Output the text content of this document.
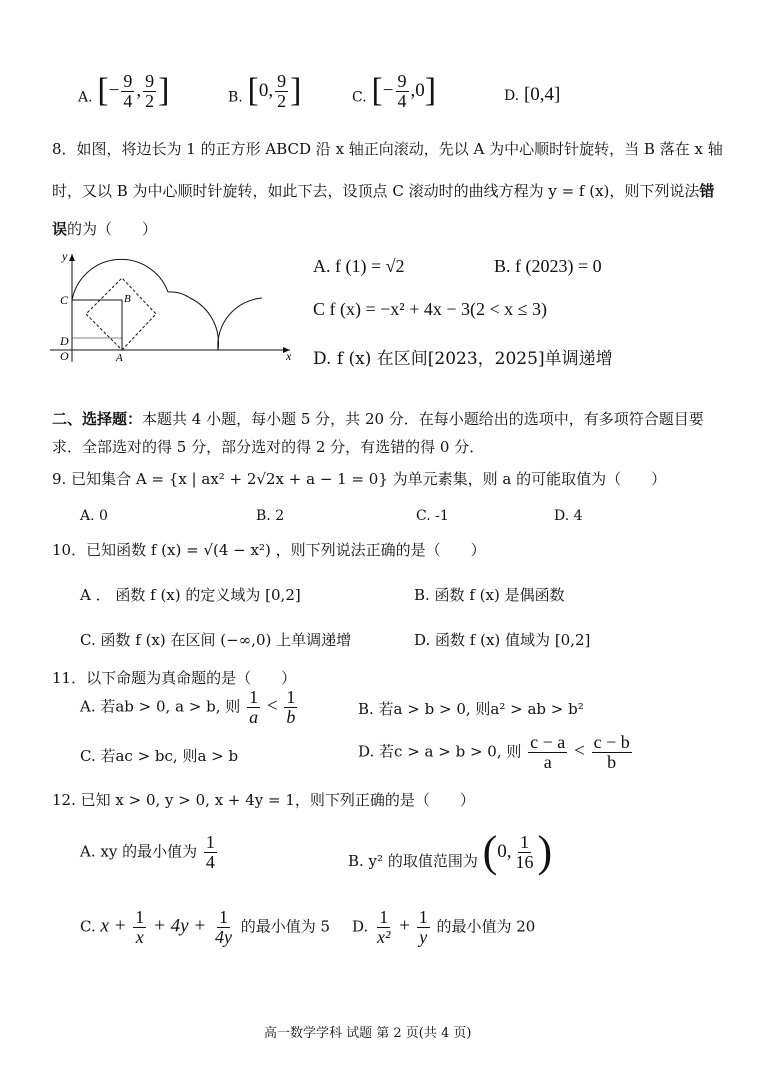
A. [ − $\frac{9}{4}$ , $\frac{9}{2}$ ]	B. [ 0, $\frac{9}{2}$ ]	C. [ − $\frac{9}{4} ,0$ ]	D. [0,4]
8．如图，将边长为 1 的正方形 ABCD 沿 x 轴正向滚动，先以 A 为中心顺时针旋转，当 B 落在 x 轴
时，又以 B 为中心顺时针旋转，如此下去，设顶点 C 滚动时的曲线方程为 y = f (x)，则下列说法错
误的为（　　）
y
x
C	B
D
O	A
A. f (1) = √2	B. f (2023) = 0
C f (x) = −x² + 4x − 3(2 < x ≤ 3)
D. f (x) 在区间[2023，2025]单调递增
二、选择题：本题共 4 小题，每小题 5 分，共 20 分．在每小题给出的选项中，有多项符合题目要
求．全部选对的得 5 分，部分选对的得 2 分，有选错的得 0 分．
9. 已知集合 A = {x | ax² + 2√2x + a − 1 = 0} 为单元素集，则 a 的可能取值为（　　）
A. 0	B. 2	C. -1	D. 4
10．已知函数 f (x) = √(4 − x²) ，则下列说法正确的是（　　）
A ． 函数 f (x) 的定义域为 [0,2]	B. 函数 f (x) 是偶函数
C. 函数 f (x) 在区间 (−∞,0) 上单调递增	D. 函数 f (x) 值域为 [0,2]
11．以下命题为真命题的是（　　）
A. 若ab > 0, a > b, 则 $\frac{1}{a} < \frac{1}{b}$	B. 若a > b > 0, 则a² > ab > b²
C. 若ac > bc, 则a > b	D. 若c > a > b > 0, 则 $\frac{c - a}{a} < \frac{c - b}{b}$
12. 已知 x > 0, y > 0, x + 4y = 1，则下列正确的是（　　）
A. xy 的最小值为 $\frac{1}{4}$	B. y² 的取值范围为 ( 0, $\frac{1}{16}$ )
C. $x + \frac{1}{x} + 4y + \frac{1}{4y}$ 的最小值为 5 D. $\frac{1}{\text{x²}} + \frac{1}{y}$ 的最小值为 20
高一数学学科 试题 第 2 页(共 4 页)
